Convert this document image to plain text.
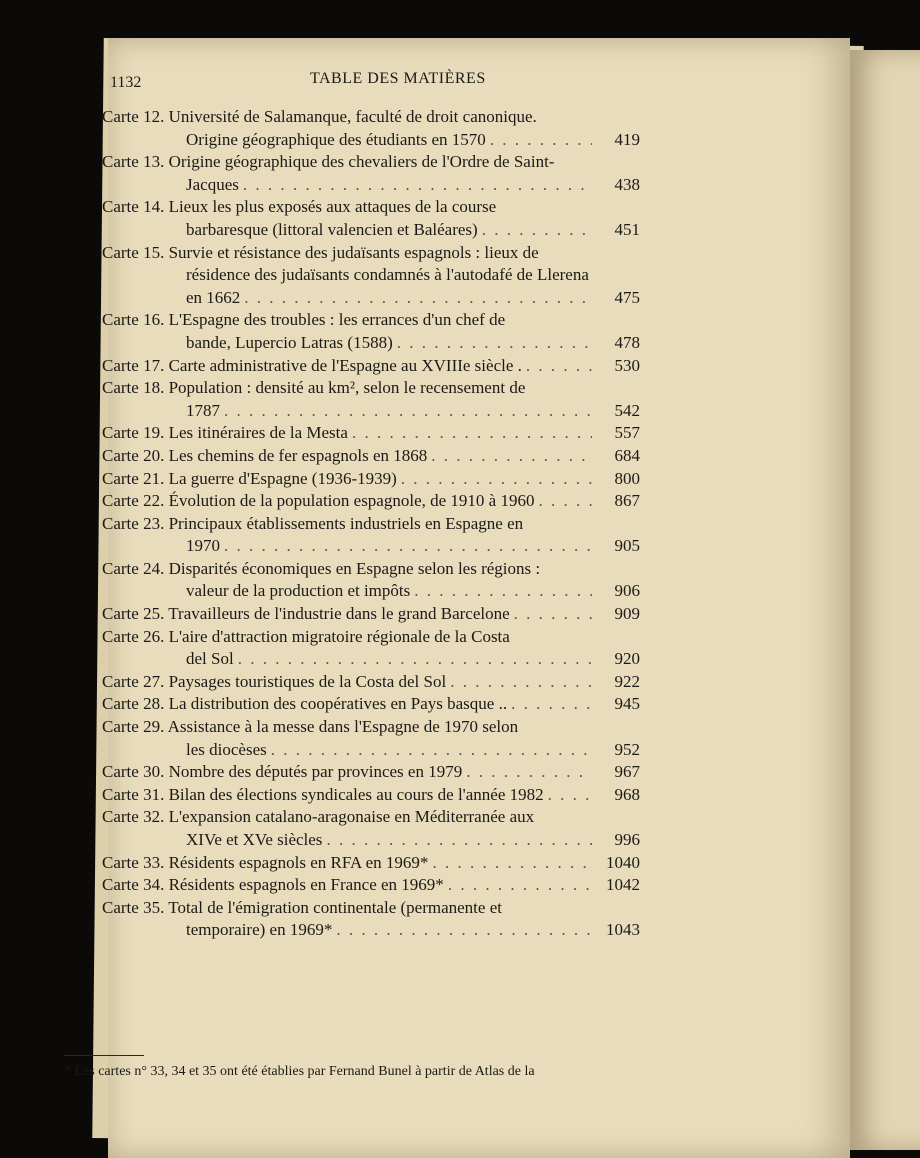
1132	TABLE DES MATIÈRES
Carte 12. Université de Salamanque, faculté de droit canonique.
Origine géographique des étudiants en 1570 . . .	419
Carte 13. Origine géographique des chevaliers de l'Ordre de Saint-
Jacques . . .	438
Carte 14. Lieux les plus exposés aux attaques de la course
barbaresque (littoral valencien et Baléares) . . .	451
Carte 15. Survie et résistance des judaïsants espagnols : lieux de
résidence des judaïsants condamnés à l'autodafé de Llerena
en 1662 . . .	475
Carte 16. L'Espagne des troubles : les errances d'un chef de
bande, Lupercio Latras (1588) . . .	478
Carte 17. Carte administrative de l'Espagne au XVIIIe siècle . . . .	530
Carte 18. Population : densité au km², selon le recensement de
1787 . . .	542
Carte 19. Les itinéraires de la Mesta . . .	557
Carte 20. Les chemins de fer espagnols en 1868 . . .	684
Carte 21. La guerre d'Espagne (1936-1939) . . .	800
Carte 22. Évolution de la population espagnole, de 1910 à 1960 . . .	867
Carte 23. Principaux établissements industriels en Espagne en
1970 . . .	905
Carte 24. Disparités économiques en Espagne selon les régions :
valeur de la production et impôts . . .	906
Carte 25. Travailleurs de l'industrie dans le grand Barcelone . . .	909
Carte 26. L'aire d'attraction migratoire régionale de la Costa
del Sol . . .	920
Carte 27. Paysages touristiques de la Costa del Sol . . .	922
Carte 28. La distribution des coopératives en Pays basque .. . . .	945
Carte 29. Assistance à la messe dans l'Espagne de 1970 selon
les diocèses . . .	952
Carte 30. Nombre des députés par provinces en 1979 . . .	967
Carte 31. Bilan des élections syndicales au cours de l'année 1982 . . .	968
Carte 32. L'expansion catalano-aragonaise en Méditerranée aux
XIVe et XVe siècles . . .	996
Carte 33. Résidents espagnols en RFA en 1969* . . .	1040
Carte 34. Résidents espagnols en France en 1969* . . .	1042
Carte 35. Total de l'émigration continentale (permanente et
temporaire) en 1969* . . .	1043
* Les cartes n° 33, 34 et 35 ont été établies par Fernand Bunel à partir de Atlas de la
